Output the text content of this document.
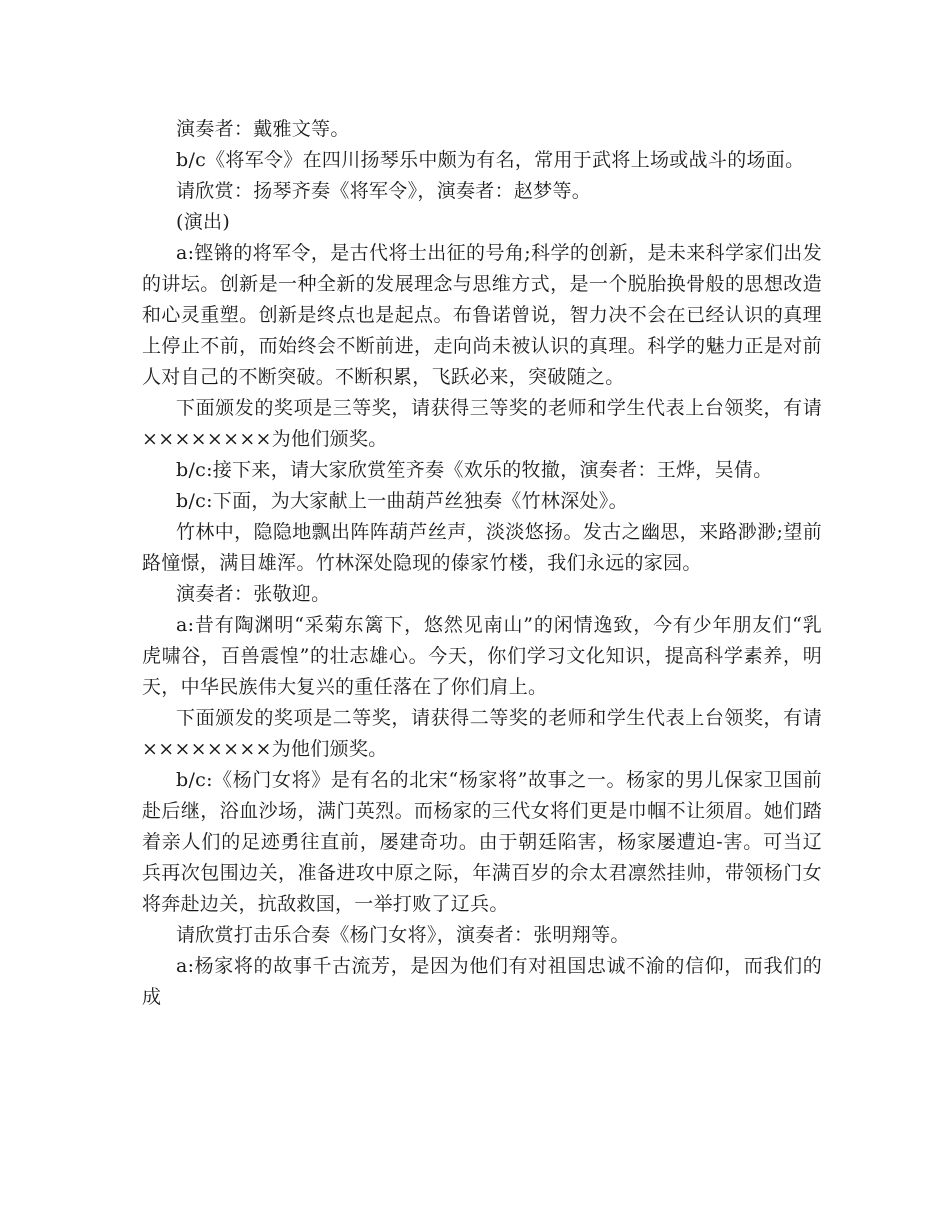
演奏者：戴雅文等。

b/c《将军令》在四川扬琴乐中颇为有名，常用于武将上场或战斗的场面。

请欣赏：扬琴齐奏《将军令》，演奏者：赵梦等。

(演出)

a:铿锵的将军令，是古代将士出征的号角;科学的创新，是未来科学家们出发的讲坛。创新是一种全新的发展理念与思维方式，是一个脱胎换骨般的思想改造和心灵重塑。创新是终点也是起点。布鲁诺曾说，智力决不会在已经认识的真理上停止不前，而始终会不断前进，走向尚未被认识的真理。科学的魅力正是对前人对自己的不断突破。不断积累，飞跃必来，突破随之。

下面颁发的奖项是三等奖，请获得三等奖的老师和学生代表上台领奖，有请××××××××为他们颁奖。

b/c:接下来，请大家欣赏笙齐奏《欢乐的牧撤，演奏者：王烨，吴倩。

b/c:下面，为大家献上一曲葫芦丝独奏《竹林深处》。

竹林中，隐隐地飘出阵阵葫芦丝声，淡淡悠扬。发古之幽思，来路渺渺;望前路憧憬，满目雄浑。竹林深处隐现的傣家竹楼，我们永远的家园。

演奏者：张敬迎。

a:昔有陶渊明“采菊东篱下，悠然见南山”的闲情逸致，今有少年朋友们“乳虎啸谷，百兽震惶”的壮志雄心。今天，你们学习文化知识，提高科学素养，明天，中华民族伟大复兴的重任落在了你们肩上。

下面颁发的奖项是二等奖，请获得二等奖的老师和学生代表上台领奖，有请××××××××为他们颁奖。

b/c:《杨门女将》是有名的北宋“杨家将”故事之一。杨家的男儿保家卫国前赴后继，浴血沙场，满门英烈。而杨家的三代女将们更是巾帼不让须眉。她们踏着亲人们的足迹勇往直前，屡建奇功。由于朝廷陷害，杨家屡遭迫-害。可当辽兵再次包围边关，准备进攻中原之际，年满百岁的佘太君凛然挂帅，带领杨门女将奔赴边关，抗敌救国，一举打败了辽兵。

请欣赏打击乐合奏《杨门女将》，演奏者：张明翔等。

a:杨家将的故事千古流芳，是因为他们有对祖国忠诚不渝的信仰，而我们的成
